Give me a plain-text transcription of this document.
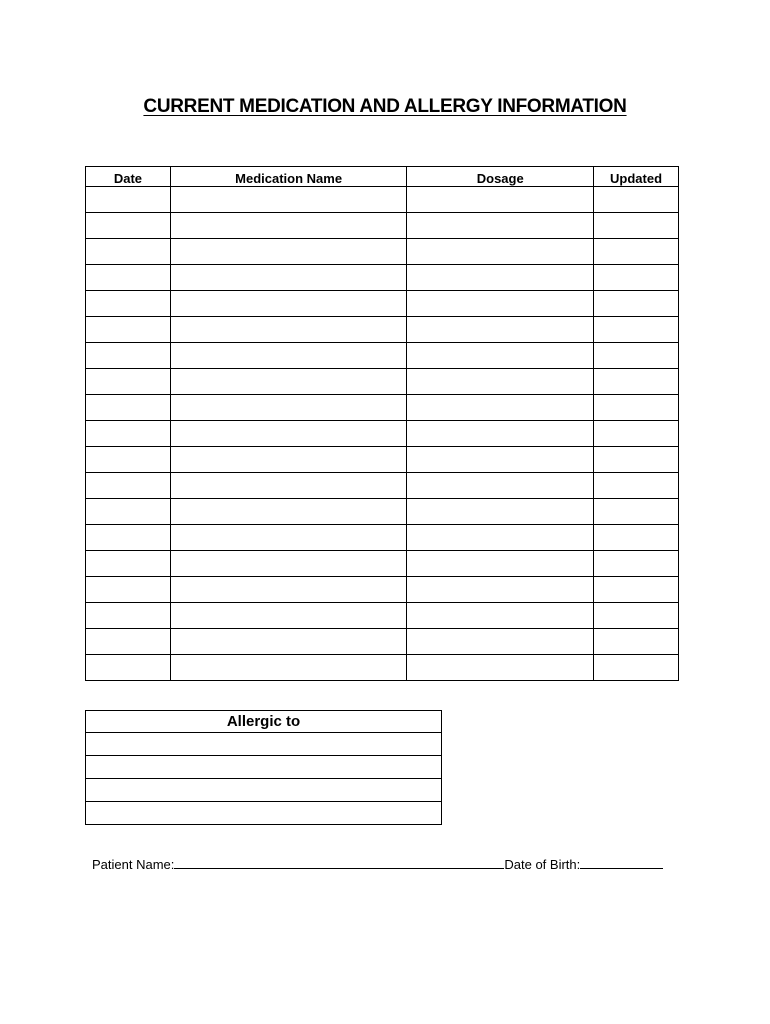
CURRENT MEDICATION AND ALLERGY INFORMATION
Date	Medication Name	Dosage	Updated

Allergic to

Patient Name:	Date of Birth:
